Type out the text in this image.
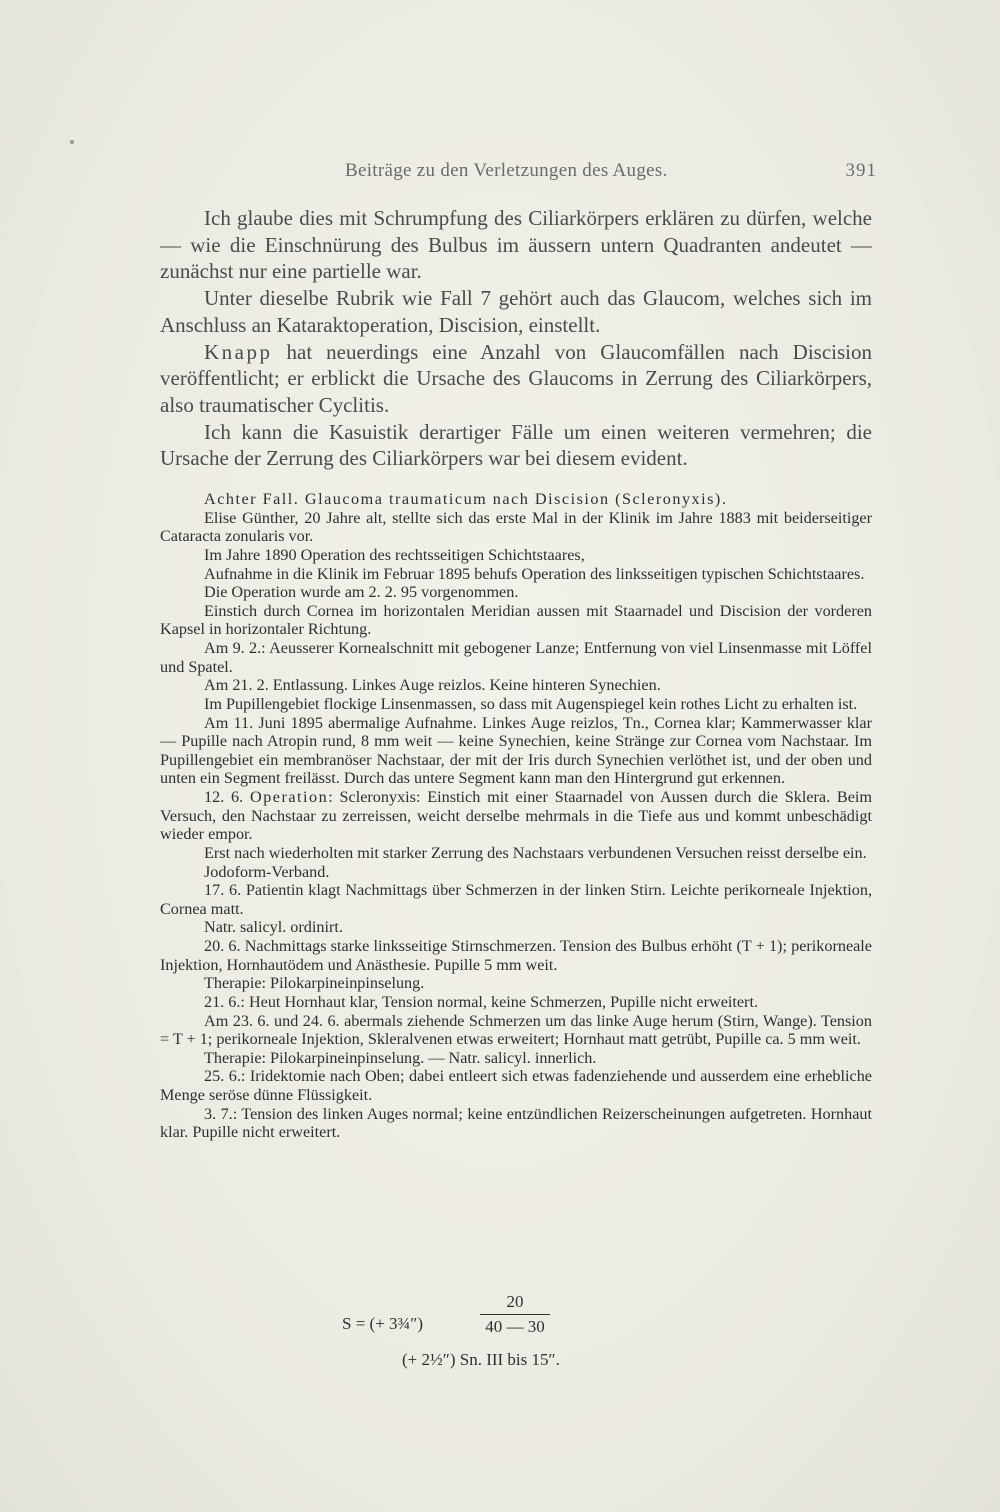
Beiträge zu den Verletzungen des Auges.	391

Ich glaube dies mit Schrumpfung des Ciliarkörpers erklären zu dürfen, welche — wie die Einschnürung des Bulbus im äussern untern Quadranten andeutet — zunächst nur eine partielle war.

Unter dieselbe Rubrik wie Fall 7 gehört auch das Glaucom, welches sich im Anschluss an Kataraktoperation, Discision, einstellt.

Knapp hat neuerdings eine Anzahl von Glaucomfällen nach Discision veröffentlicht; er erblickt die Ursache des Glaucoms in Zerrung des Ciliarkörpers, also traumatischer Cyclitis.

Ich kann die Kasuistik derartiger Fälle um einen weiteren vermehren; die Ursache der Zerrung des Ciliarkörpers war bei diesem evident.

Achter Fall. Glaucoma traumaticum nach Discision (Scleronyxis).

Elise Günther, 20 Jahre alt, stellte sich das erste Mal in der Klinik im Jahre 1883 mit beiderseitiger Cataracta zonularis vor.

Im Jahre 1890 Operation des rechtsseitigen Schichtstaares,

Aufnahme in die Klinik im Februar 1895 behufs Operation des linksseitigen typischen Schichtstaares.

Die Operation wurde am 2. 2. 95 vorgenommen.

Einstich durch Cornea im horizontalen Meridian aussen mit Staarnadel und Discision der vorderen Kapsel in horizontaler Richtung.

Am 9. 2.: Aeusserer Kornealschnitt mit gebogener Lanze; Entfernung von viel Linsenmasse mit Löffel und Spatel.

Am 21. 2. Entlassung. Linkes Auge reizlos. Keine hinteren Synechien.

Im Pupillengebiet flockige Linsenmassen, so dass mit Augenspiegel kein rothes Licht zu erhalten ist.

Am 11. Juni 1895 abermalige Aufnahme. Linkes Auge reizlos, Tn., Cornea klar; Kammerwasser klar — Pupille nach Atropin rund, 8 mm weit — keine Synechien, keine Stränge zur Cornea vom Nachstaar. Im Pupillengebiet ein membranöser Nachstaar, der mit der Iris durch Synechien verlöthet ist, und der oben und unten ein Segment freilässt. Durch das untere Segment kann man den Hintergrund gut erkennen.

12. 6. Operation: Scleronyxis: Einstich mit einer Staarnadel von Aussen durch die Sklera. Beim Versuch, den Nachstaar zu zerreissen, weicht derselbe mehrmals in die Tiefe aus und kommt unbeschädigt wieder empor.

Erst nach wiederholten mit starker Zerrung des Nachstaars verbundenen Versuchen reisst derselbe ein.

Jodoform-Verband.

17. 6. Patientin klagt Nachmittags über Schmerzen in der linken Stirn. Leichte perikorneale Injektion, Cornea matt.

Natr. salicyl. ordinirt.

20. 6. Nachmittags starke linksseitige Stirnschmerzen. Tension des Bulbus erhöht (T + 1); perikorneale Injektion, Hornhautödem und Anästhesie. Pupille 5 mm weit.

Therapie: Pilokarpineinpinselung.

21. 6.: Heut Hornhaut klar, Tension normal, keine Schmerzen, Pupille nicht erweitert.

Am 23. 6. und 24. 6. abermals ziehende Schmerzen um das linke Auge herum (Stirn, Wange). Tension = T + 1; perikorneale Injektion, Skleralvenen etwas erweitert; Hornhaut matt getrübt, Pupille ca. 5 mm weit.

Therapie: Pilokarpineinpinselung. — Natr. salicyl. innerlich.

25. 6.: Iridektomie nach Oben; dabei entleert sich etwas fadenziehende und ausserdem eine erhebliche Menge seröse dünne Flüssigkeit.

3. 7.: Tension des linken Auges normal; keine entzündlichen Reizerscheinungen aufgetreten. Hornhaut klar. Pupille nicht erweitert.

S = (+ 3¾″)	$\frac{20}{40 — 30}$
(+ 2½″) Sn. III bis 15″.
